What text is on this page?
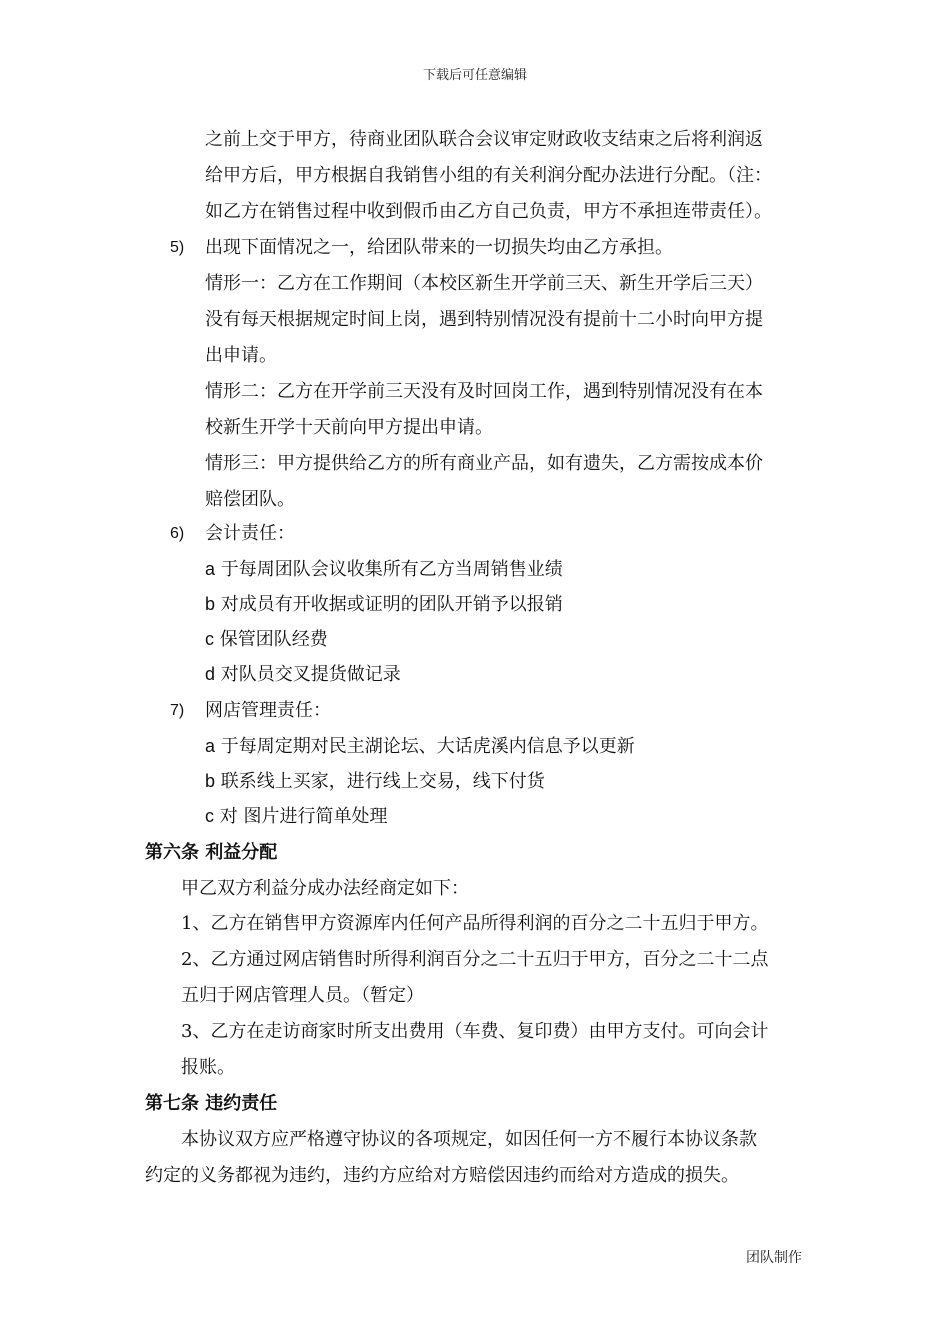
下载后可任意编辑
之前上交于甲方，待商业团队联合会议审定财政收支结束之后将利润返
给甲方后，甲方根据自我销售小组的有关利润分配办法进行分配。（注：
如乙方在销售过程中收到假币由乙方自己负责，甲方不承担连带责任）。
5) 出现下面情况之一，给团队带来的一切损失均由乙方承担。
情形一：乙方在工作期间（本校区新生开学前三天、新生开学后三天）
没有每天根据规定时间上岗，遇到特别情况没有提前十二小时向甲方提
出申请。
情形二：乙方在开学前三天没有及时回岗工作，遇到特别情况没有在本
校新生开学十天前向甲方提出申请。
情形三：甲方提供给乙方的所有商业产品，如有遗失，乙方需按成本价
赔偿团队。
6) 会计责任：
a 于每周团队会议收集所有乙方当周销售业绩
b 对成员有开收据或证明的团队开销予以报销
c 保管团队经费
d 对队员交叉提货做记录
7) 网店管理责任：
a 于每周定期对民主湖论坛、大话虎溪内信息予以更新
b 联系线上买家，进行线上交易，线下付货
c 对 图片进行简单处理
第六条 利益分配
甲乙双方利益分成办法经商定如下：
1、乙方在销售甲方资源库内任何产品所得利润的百分之二十五归于甲方。
2、乙方通过网店销售时所得利润百分之二十五归于甲方，百分之二十二点
五归于网店管理人员。（暂定）
3、乙方在走访商家时所支出费用（车费、复印费）由甲方支付。可向会计
报账。
第七条 违约责任
本协议双方应严格遵守协议的各项规定，如因任何一方不履行本协议条款
约定的义务都视为违约，违约方应给对方赔偿因违约而给对方造成的损失。
团队制作
